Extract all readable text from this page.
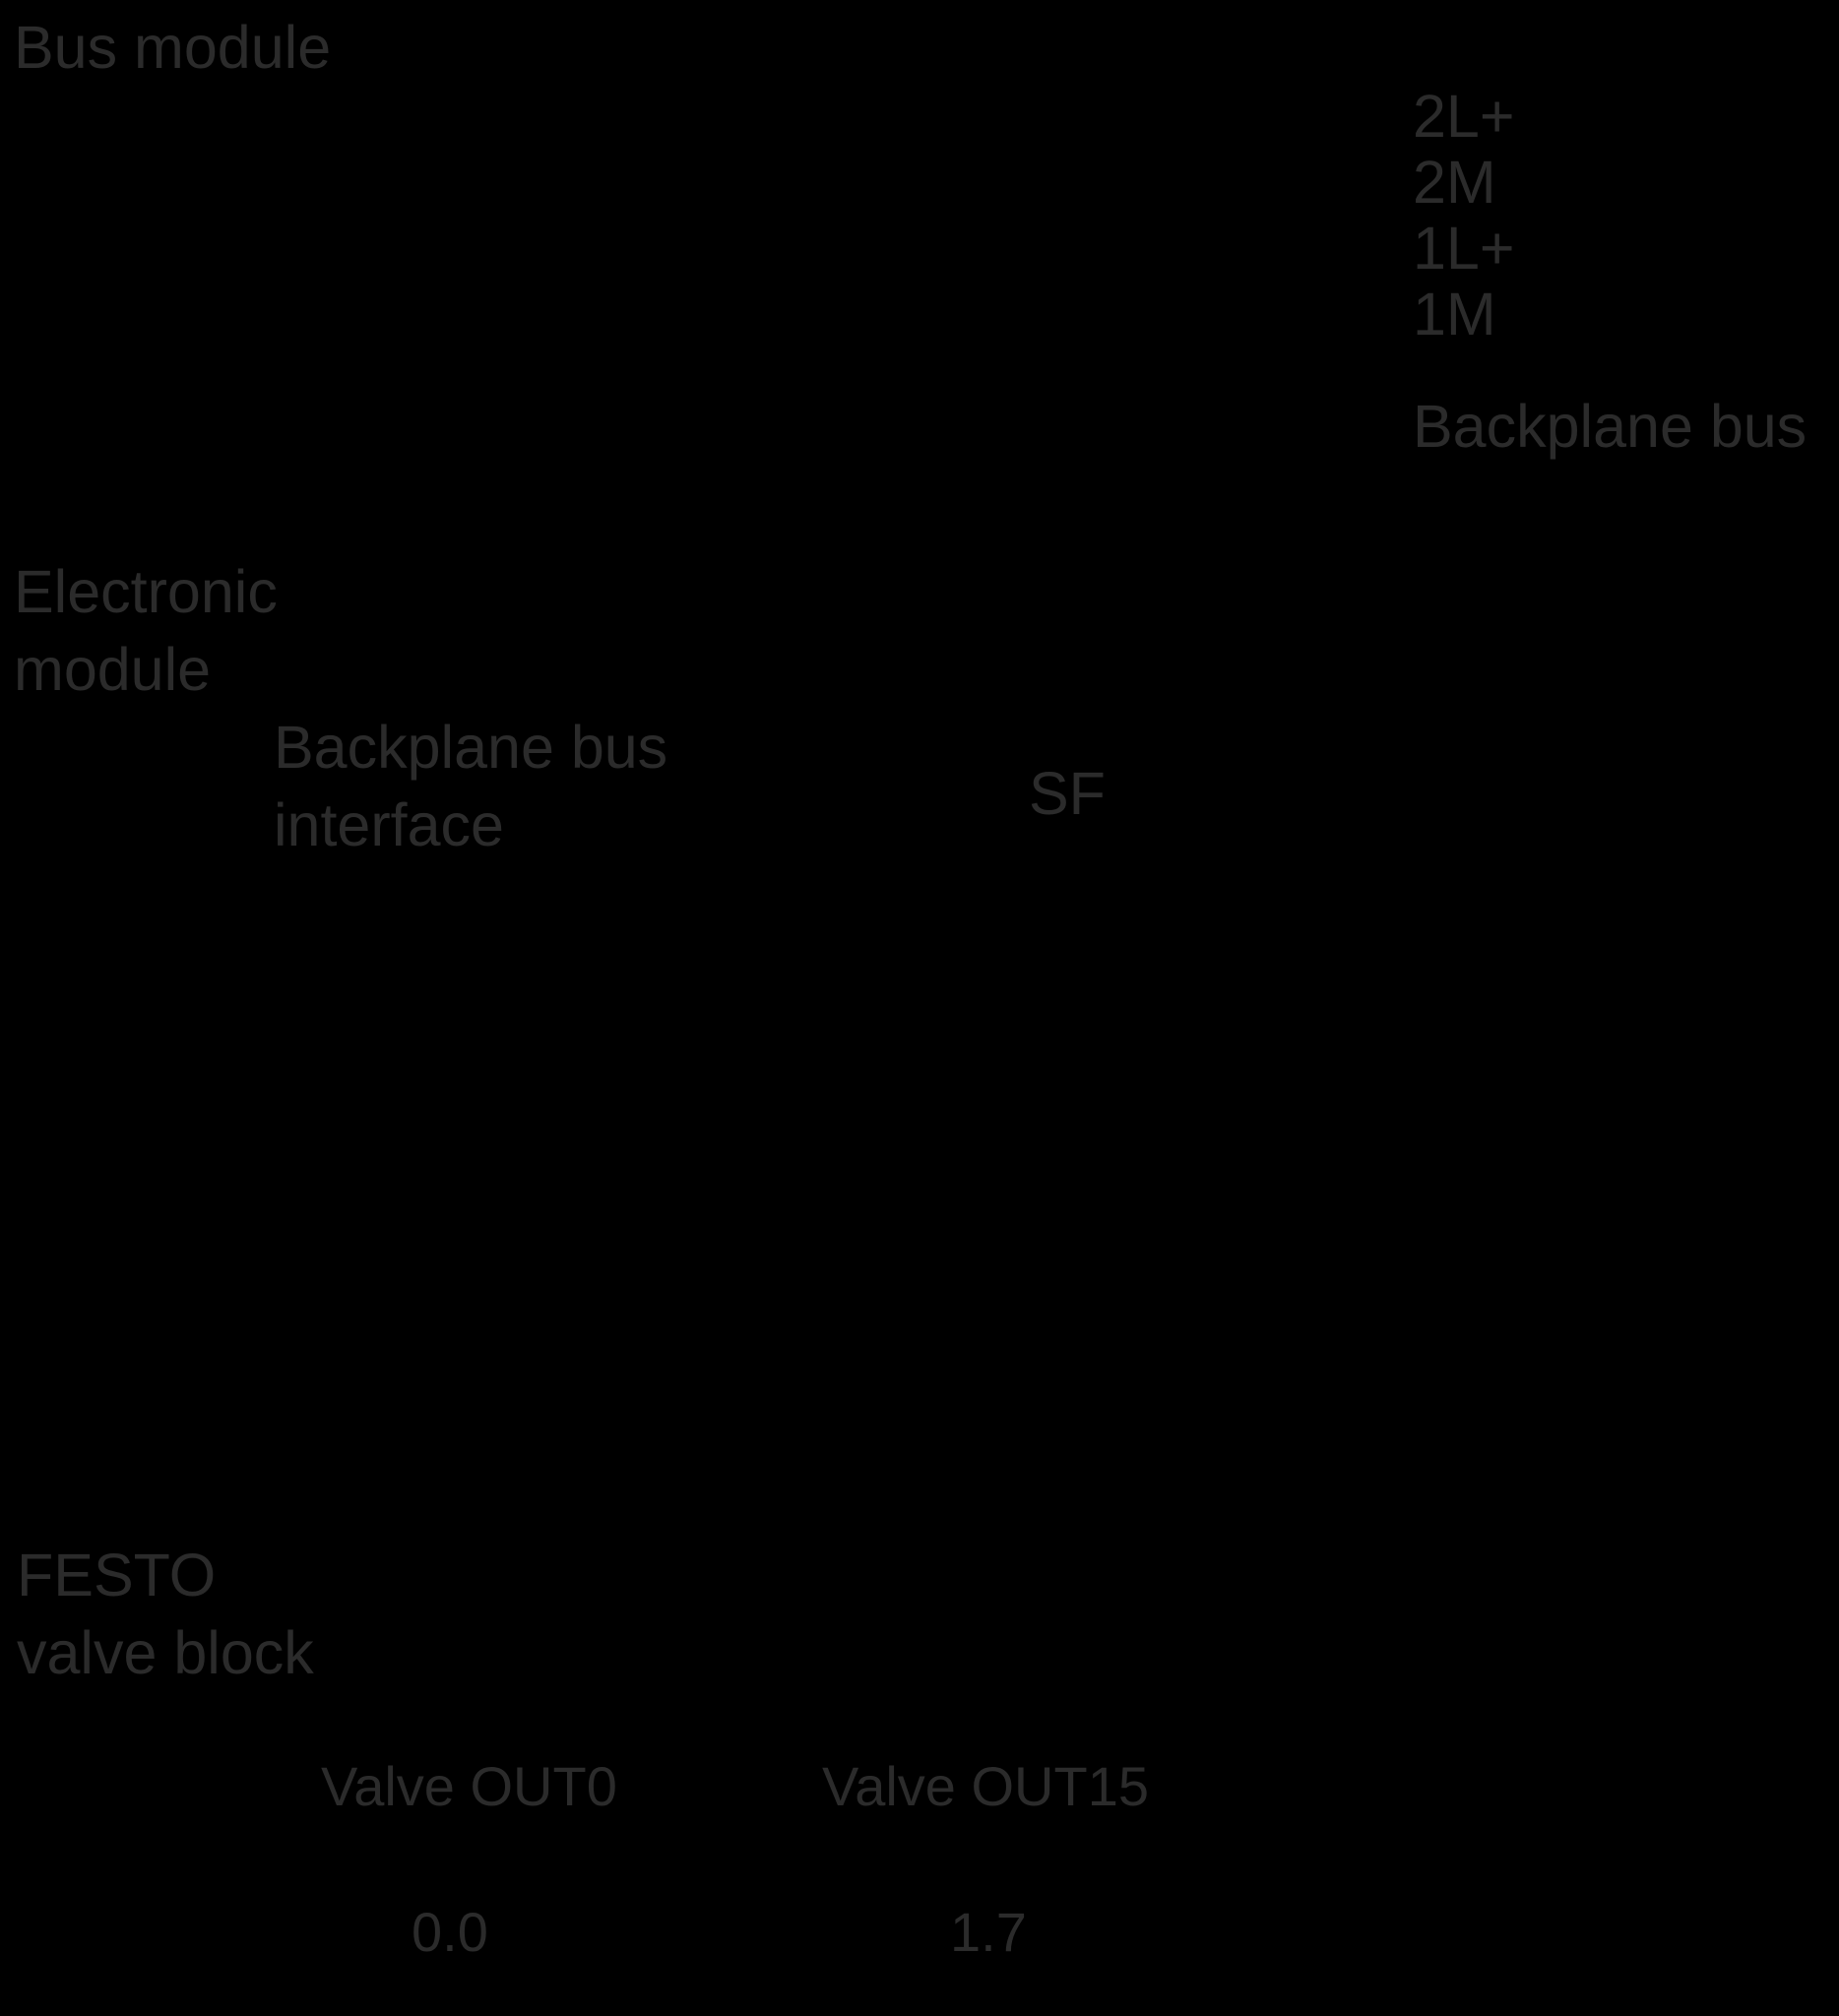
Bus module
2L+
2M
1L+
1M
Backplane bus
Electronic
module
Backplane bus
interface	SF
FESTO
valve block
Valve OUT0	Valve OUT15
0.0	1.7
